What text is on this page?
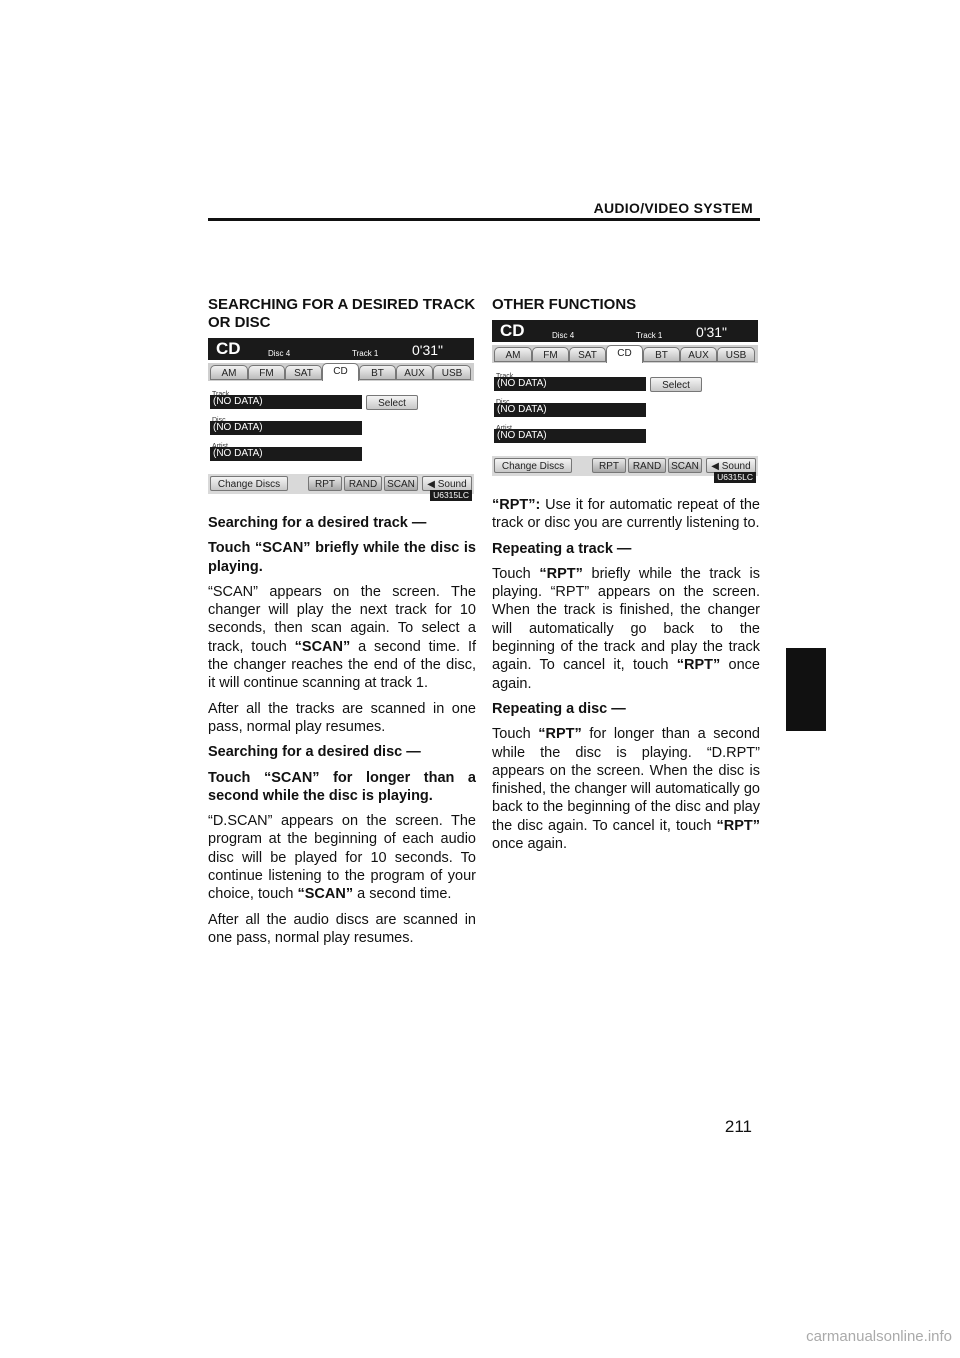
AUDIO/VIDEO SYSTEM

SEARCHING FOR A DESIRED TRACK OR DISC

CD	Disc 4	Track 1 0'31"
AM	FM	SAT	CD	BT	AUX	USB
(NO DATA)	Select
(NO DATA)
(NO DATA)
Change Discs	RPT	RAND SCAN	◀ Sound
U6315LC

Searching for a desired track —

Touch “SCAN” briefly while the disc is playing.

“SCAN” appears on the screen. The changer will play the next track for 10 seconds, then scan again. To select a track, touch “SCAN” a second time. If the changer reaches the end of the disc, it will continue scanning at track 1.

After all the tracks are scanned in one pass, normal play resumes.

Searching for a desired disc —

Touch “SCAN” for longer than a second while the disc is playing.

“D.SCAN” appears on the screen. The program at the beginning of each audio disc will be played for 10 seconds. To continue listening to the program of your choice, touch “SCAN” a second time.

After all the audio discs are scanned in one pass, normal play resumes.

OTHER FUNCTIONS

CD	Disc 4	Track 1 0'31"
AM	FM	SAT	CD	BT	AUX	USB
(NO DATA)	Select
(NO DATA)
(NO DATA)
Change Discs	RPT	RAND SCAN	◀ Sound
U6315LC

“RPT”: Use it for automatic repeat of the track or disc you are currently listening to.

Repeating a track —

Touch “RPT” briefly while the track is playing. “RPT” appears on the screen. When the track is finished, the changer will automatically go back to the beginning of the track and play the track again. To cancel it, touch “RPT” once again.

Repeating a disc —

Touch “RPT” for longer than a second while the disc is playing. “D.RPT” appears on the screen. When the disc is finished, the changer will automatically go back to the beginning of the disc and play the disc again. To cancel it, touch “RPT” once again.

211
carmanualsonline.info
